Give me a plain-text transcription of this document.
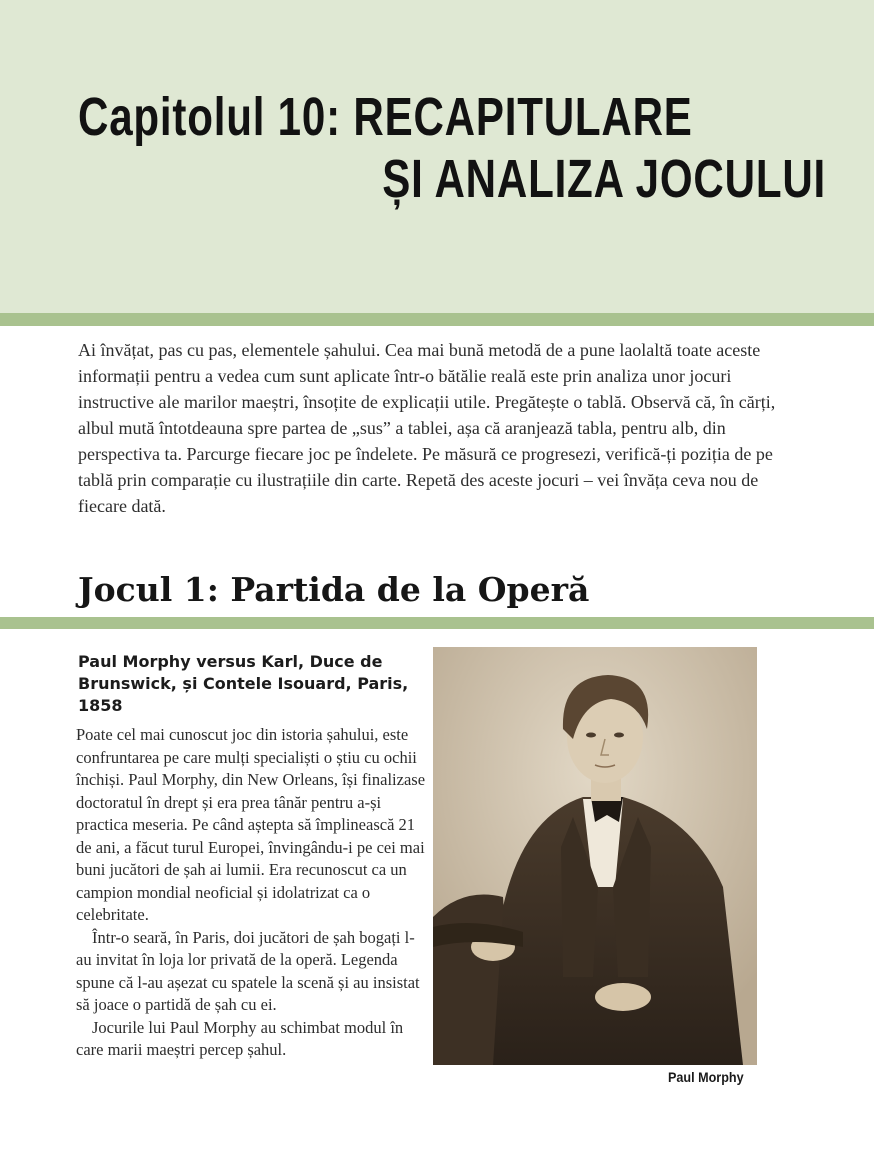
Capitolul 10: RECAPITULARE
ȘI ANALIZA JOCULUI

Ai învățat, pas cu pas, elementele șahului. Cea mai bună metodă de a pune laolaltă toate aceste informații pentru a vedea cum sunt aplicate într-o bătălie reală este prin analiza unor jocuri instructive ale marilor maeștri, însoțite de explicații utile. Pregătește o tablă. Observă că, în cărți, albul mută întotdeauna spre partea de „sus” a tablei, așa că aranjează tabla, pentru alb, din perspectiva ta. Parcurge fiecare joc pe îndelete. Pe măsură ce progresezi, verifică-ți poziția de pe tablă prin comparație cu ilustrațiile din carte. Repetă des aceste jocuri – vei învăța ceva nou de fiecare dată.

Jocul 1: Partida de la Operă
Paul Morphy versus Karl, Duce de Brunswick, și Contele Isouard, Paris, 1858

Poate cel mai cunoscut joc din istoria șahului, este confruntarea pe care mulți specialiști o știu cu ochii închiși. Paul Morphy, din New Orleans, își finalizase doctoratul în drept și era prea tânăr pentru a-și practica meseria. Pe când aștepta să împlinească 21 de ani, a făcut turul Europei, învingându-i pe cei mai buni jucători de șah ai lumii. Era recunoscut ca un campion mondial neoficial și idolatrizat ca o celebritate.

Într-o seară, în Paris, doi jucători de șah bogați l-au invitat în loja lor privată de la operă. Legenda spune că l-au așezat cu spatele la scenă și au insistat să joace o partidă de șah cu ei.

Jocurile lui Paul Morphy au schimbat modul în care marii maeștri percep șahul.

Paul Morphy
